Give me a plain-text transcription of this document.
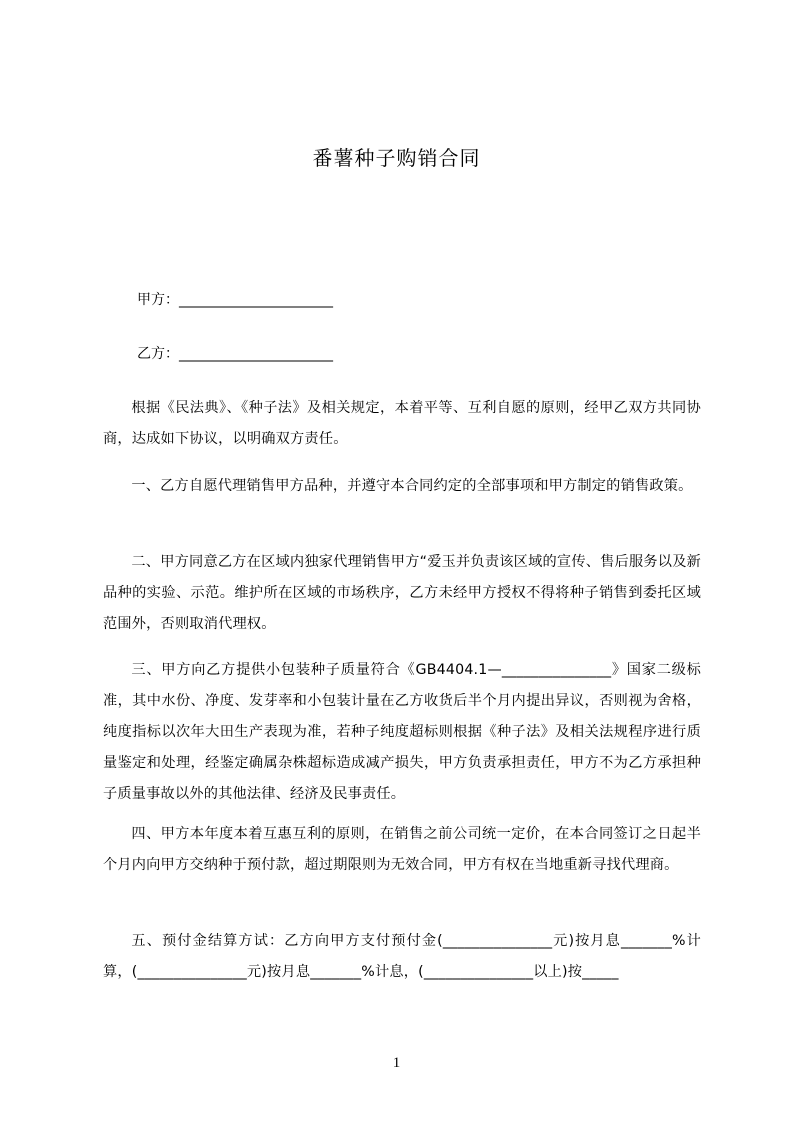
番薯种子购销合同
甲方：______________________
乙方：______________________

根据《民法典》、《种子法》及相关规定，本着平等、互利自愿的原则，经甲乙双方共同协商，达成如下协议，以明确双方责任。

一、乙方自愿代理销售甲方品种，并遵守本合同约定的全部事项和甲方制定的销售政策。

二、甲方同意乙方在区域内独家代理销售甲方“爱玉并负责该区域的宣传、售后服务以及新品种的实验、示范。维护所在区域的市场秩序，乙方未经甲方授权不得将种子销售到委托区域范围外，否则取消代理权。

三、甲方向乙方提供小包装种子质量符合《GB4404.1—_______________》国家二级标准，其中水份、净度、发芽率和小包装计量在乙方收货后半个月内提出异议，否则视为舍格，纯度指标以次年大田生产表现为准，若种子纯度超标则根据《种子法》及相关法规程序进行质量鉴定和处理，经鉴定确属杂株超标造成减产损失，甲方负责承担责任，甲方不为乙方承担种子质量事故以外的其他法律、经济及民事责任。

四、甲方本年度本着互惠互利的原则，在销售之前公司统一定价，在本合同签订之日起半个月内向甲方交纳种于预付款，超过期限则为无效合同，甲方有权在当地重新寻找代理商。

五、预付金结算方试：乙方向甲方支付预付金(_______________元)按月息_______%计算，(_______________元)按月息_______%计息，(_______________以上)按_____

1
